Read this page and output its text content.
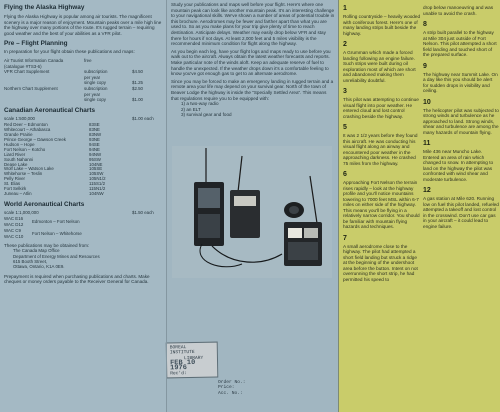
Flying the Alaska Highway

Flying the Alaska Highway is popular among air tourists. The magnificent scenery is a major reason of enjoyment. Mountain peaks over a mile high line the highway over many portions of the route. It's rugged terrain – requiring good weather and the best of your abilities as a VFR pilot.

Pre – Flight Planning

In preparation for your flight obtain these publications and maps:

Air Tourist Information Canada	free
(catalogue #TS3-6)
VFR Chart Supplement	subscription	$4.50
per year
single copy	$1.25
Northern Chart Supplement	subscription	$2.50
per year
single copy	$1.00
Canadian Aeronautical Charts
scale 1:500,000	$1.00 each
Red Deer – Edmonton	83SE
Whitecourt – Athabasca	83NE
Grande Prairie	83NW
Prince George – Dawson Creek	93NE
Hudson – Hope	94SE
Fort Nelson – Kotcho	94NE
Liard River	94NW
South Nahanni	95SW
Dease Lake	104NE
Wolf Lake – Watson Lake	105SE
Whitehorse – Teslin	105SW
Pelly River	105N1/2
St. Elias	115S1/2
Fort Selkirk	115N1/2
Juneau – Atlin	104NW
World Aeronautical Charts
scale 1:1,000,000	$1.50 each
WAC E16
WAC D12
Edmonton – Fort Nelson
WAC C9
WAC C10
Fort Nelson – Whitehorse

These publications may be obtained from:

The Canada Map Office

Department of Energy Mines and Resources

615 Booth Street,

Ottawa, Ontario, K1A 0E9.

Prepayment is required when purchasing publications and charts. Make cheques or money orders payable to the Receiver General for Canada.

Study your publications and maps well before your flight. Here's where one mountain peak can look like another mountain peak. It's an interesting challenge to your navigational skills. We've shown a number of areas of potential trouble in this brochure. Aerodromes may be fewer and farther apart than what you are used to. So as you make plans for your trip give plenty of time to reach destination. Anticipate delays. Weather may easily drop below VFR and stay there for hours if not days. At least 2,000 feet and 5 miles visibility is the recommended minimum condition for flight along the highway.

As you begin each leg, have your flight logs and maps ready to use before you walk out to the aircraft. Always obtain the latest weather forecasts and reports. Make particular note of the winds aloft. Keep an adequate reserve of fuel to handle the unexpected. If the weather drops down it's a comfortable feeling to know you've got enough gas to get to an alternate aerodrome.

Since you may be forced to make an emergency landing in rugged terrain and a remote area your life may depend on your survival gear. North of the town of Beaver Lodge the highway is inside the "Specially Settled Area". This means that regulations require you to be equipped with:

1) a two-way radio

2) an ELT

3) survival gear and food

BOREAL INSTITUTE
LIBRARY
FEB 10 1976
Rec'd:
Order No.:
Price:
Acc. No.:
1
Rolling countryside – heavily wooded with coniferous forest. Here's one of many landing strips built beside the highway.
2
A Grumman which made a forced landing following an engine failure. Such strips were built during oil exploration most of which are short and abandoned making them unreliability doubtful.
3
This pilot was attempting to continue visual flight into poor weather. He entered cloud and lost control crashing beside the highway.
5
It was 2 1/2 years before they found this aircraft. He was conducting his visual flight along an airway and encountered poor weather in the approaching darkness. He crashed 75 miles from the highway.
6
Approaching Fort Nelson the terrain rises rapidly – look at the highway profile and you'll notice mountains towering to 7000 feet MSL within 6-7 miles on either side of the highway. This means you'll be flying in a relatively narrow corridor. You should be familiar with mountain flying hazards and techniques.
7
A small aerodrome close to the highway. The pilot had attempted a short field landing but struck a ridge at the beginning of the undershoot area before the button. Intent on not overrunning the short strip, he had permitted his speed to
drop below manoeuvring and was unable to avoid the crash.
8
A strip built parallel to the highway at Mile 304 just outside of Fort Nelson. This pilot attempted a short field landing and touched short of the prepared surface.
9
The highway near Summit Lake. On a day like this you should be alert for sudden drops in visibility and ceiling.
10
The helicopter pilot was subjected to strong winds and turbulence as he approached to land. Strong winds, shear and turbulence are among the many hazards of mountain flying.
11
Mile 436 near Muncho Lake. Entered an area of rain which changed to snow. In attempting to land on the highway the pilot was confronted with wind shear and moderate turbulence.
12
A gas station at Mile 620. Running low on fuel this pilot landed, refueled attempted a takeoff and lost control in the crosswind. Don't use car gas in your aircraft – it could lead to engine failure.
